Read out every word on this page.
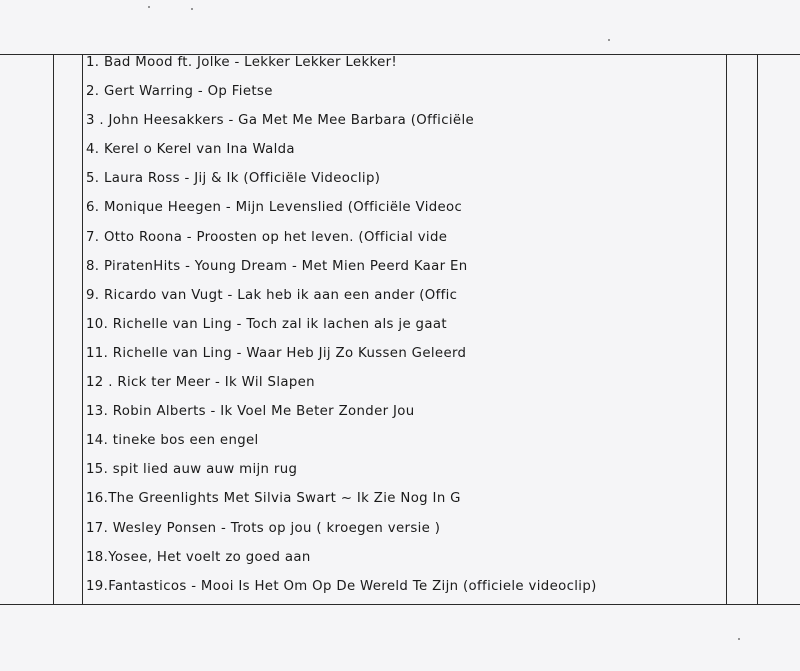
1. Bad Mood ft. Jolke - Lekker Lekker Lekker!
2. Gert Warring - Op Fietse
3 . John Heesakkers - Ga Met Me Mee Barbara (Officiële
4. Kerel o Kerel van Ina Walda
5. Laura Ross - Jij & Ik (Officiële Videoclip)
6. Monique Heegen - Mijn Levenslied (Officiële Videoc
7. Otto Roona - Proosten op het leven. (Official vide
8. PiratenHits - Young Dream - Met Mien Peerd Kaar En
9. Ricardo van Vugt - Lak heb ik aan een ander (Offic
10. Richelle van Ling - Toch zal ik lachen als je gaat
11. Richelle van Ling - Waar Heb Jij Zo Kussen Geleerd
12 . Rick ter Meer - Ik Wil Slapen
13. Robin Alberts - Ik Voel Me Beter Zonder Jou
14. tineke bos een engel
15. spit lied auw auw mijn rug
16.The Greenlights Met Silvia Swart ~ Ik Zie Nog In G
17. Wesley Ponsen - Trots op jou ( kroegen versie )
18.Yosee, Het voelt zo goed aan
19.Fantasticos - Mooi Is Het Om Op De Wereld Te Zijn (officiele videoclip)
